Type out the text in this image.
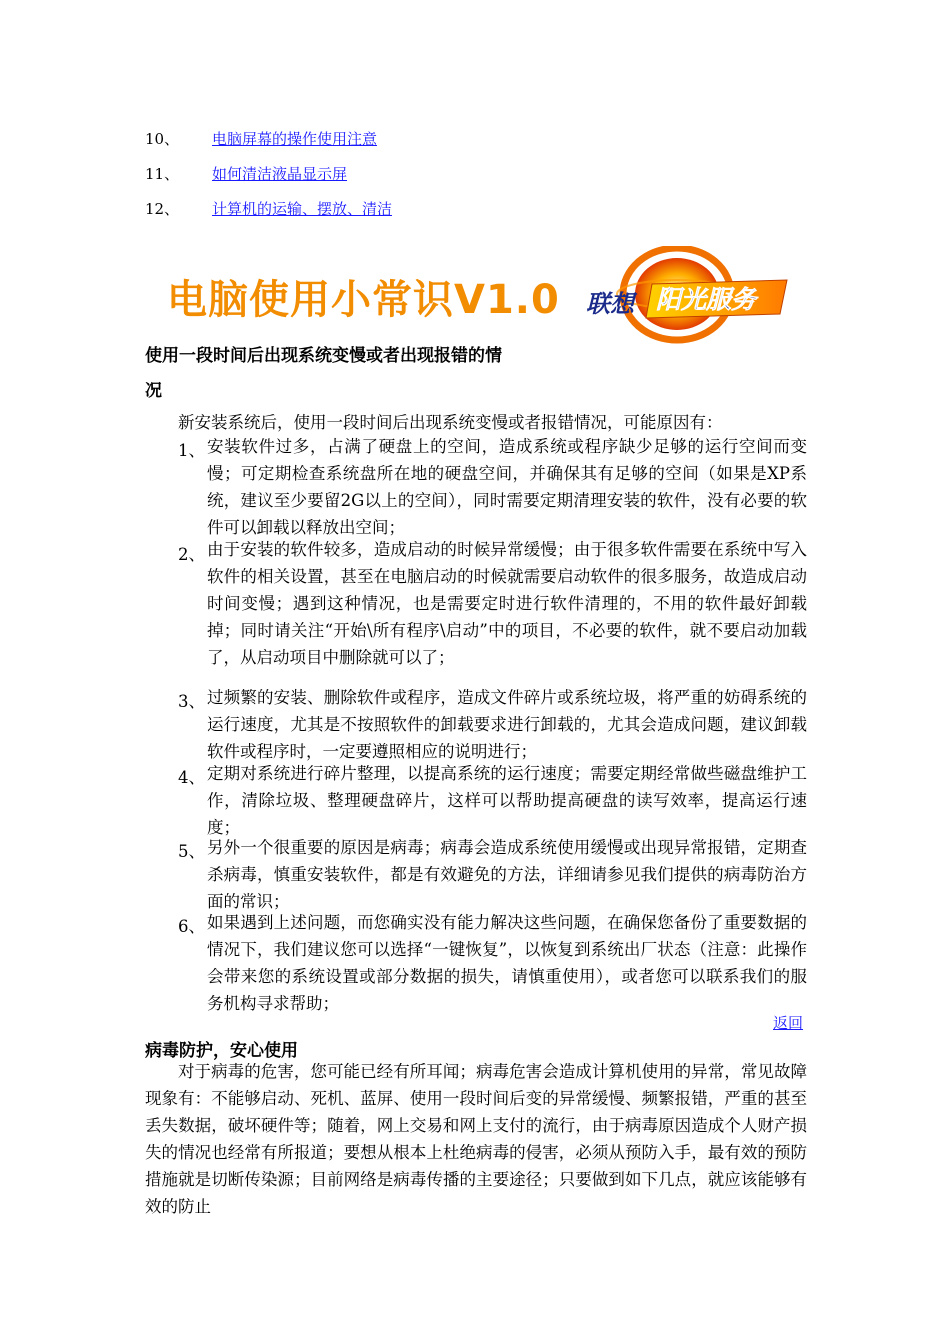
10、 电脑屏幕的操作使用注意
11、 如何清洁液晶显示屏
12、 计算机的运输、摆放、清洁
电脑使用小常识V1.0 联想 阳光服务
使用一段时间后出现系统变慢或者出现报错的情
况
新安装系统后，使用一段时间后出现系统变慢或者报错情况，可能原因有：
1、 安装软件过多，占满了硬盘上的空间，造成系统或程序缺少足够的运行空间而变慢；可定期检查系统盘所在地的硬盘空间，并确保其有足够的空间（如果是XP系统，建议至少要留2G以上的空间），同时需要定期清理安装的软件，没有必要的软件可以卸载以释放出空间；
2、 由于安装的软件较多，造成启动的时候异常缓慢；由于很多软件需要在系统中写入软件的相关设置，甚至在电脑启动的时候就需要启动软件的很多服务，故造成启动时间变慢；遇到这种情况，也是需要定时进行软件清理的，不用的软件最好卸载掉；同时请关注“开始\所有程序\启动”中的项目，不必要的软件，就不要启动加载了，从启动项目中删除就可以了；
3、 过频繁的安装、删除软件或程序，造成文件碎片或系统垃圾，将严重的妨碍系统的运行速度，尤其是不按照软件的卸载要求进行卸载的，尤其会造成问题，建议卸载软件或程序时，一定要遵照相应的说明进行；
4、 定期对系统进行碎片整理，以提高系统的运行速度；需要定期经常做些磁盘维护工作，清除垃圾、整理硬盘碎片，这样可以帮助提高硬盘的读写效率，提高运行速度；
5、 另外一个很重要的原因是病毒；病毒会造成系统使用缓慢或出现异常报错，定期查杀病毒，慎重安装软件，都是有效避免的方法，详细请参见我们提供的病毒防治方面的常识；
6、 如果遇到上述问题，而您确实没有能力解决这些问题，在确保您备份了重要数据的情况下，我们建议您可以选择“一键恢复”，以恢复到系统出厂状态（注意：此操作会带来您的系统设置或部分数据的损失，请慎重使用），或者您可以联系我们的服务机构寻求帮助；
返回
病毒防护，安心使用
对于病毒的危害，您可能已经有所耳闻；病毒危害会造成计算机使用的异常，常见故障现象有：不能够启动、死机、蓝屏、使用一段时间后变的异常缓慢、频繁报错，严重的甚至丢失数据，破坏硬件等；随着，网上交易和网上支付的流行，由于病毒原因造成个人财产损失的情况也经常有所报道；要想从根本上杜绝病毒的侵害，必须从预防入手，最有效的预防措施就是切断传染源；目前网络是病毒传播的主要途径；只要做到如下几点，就应该能够有效的防止
